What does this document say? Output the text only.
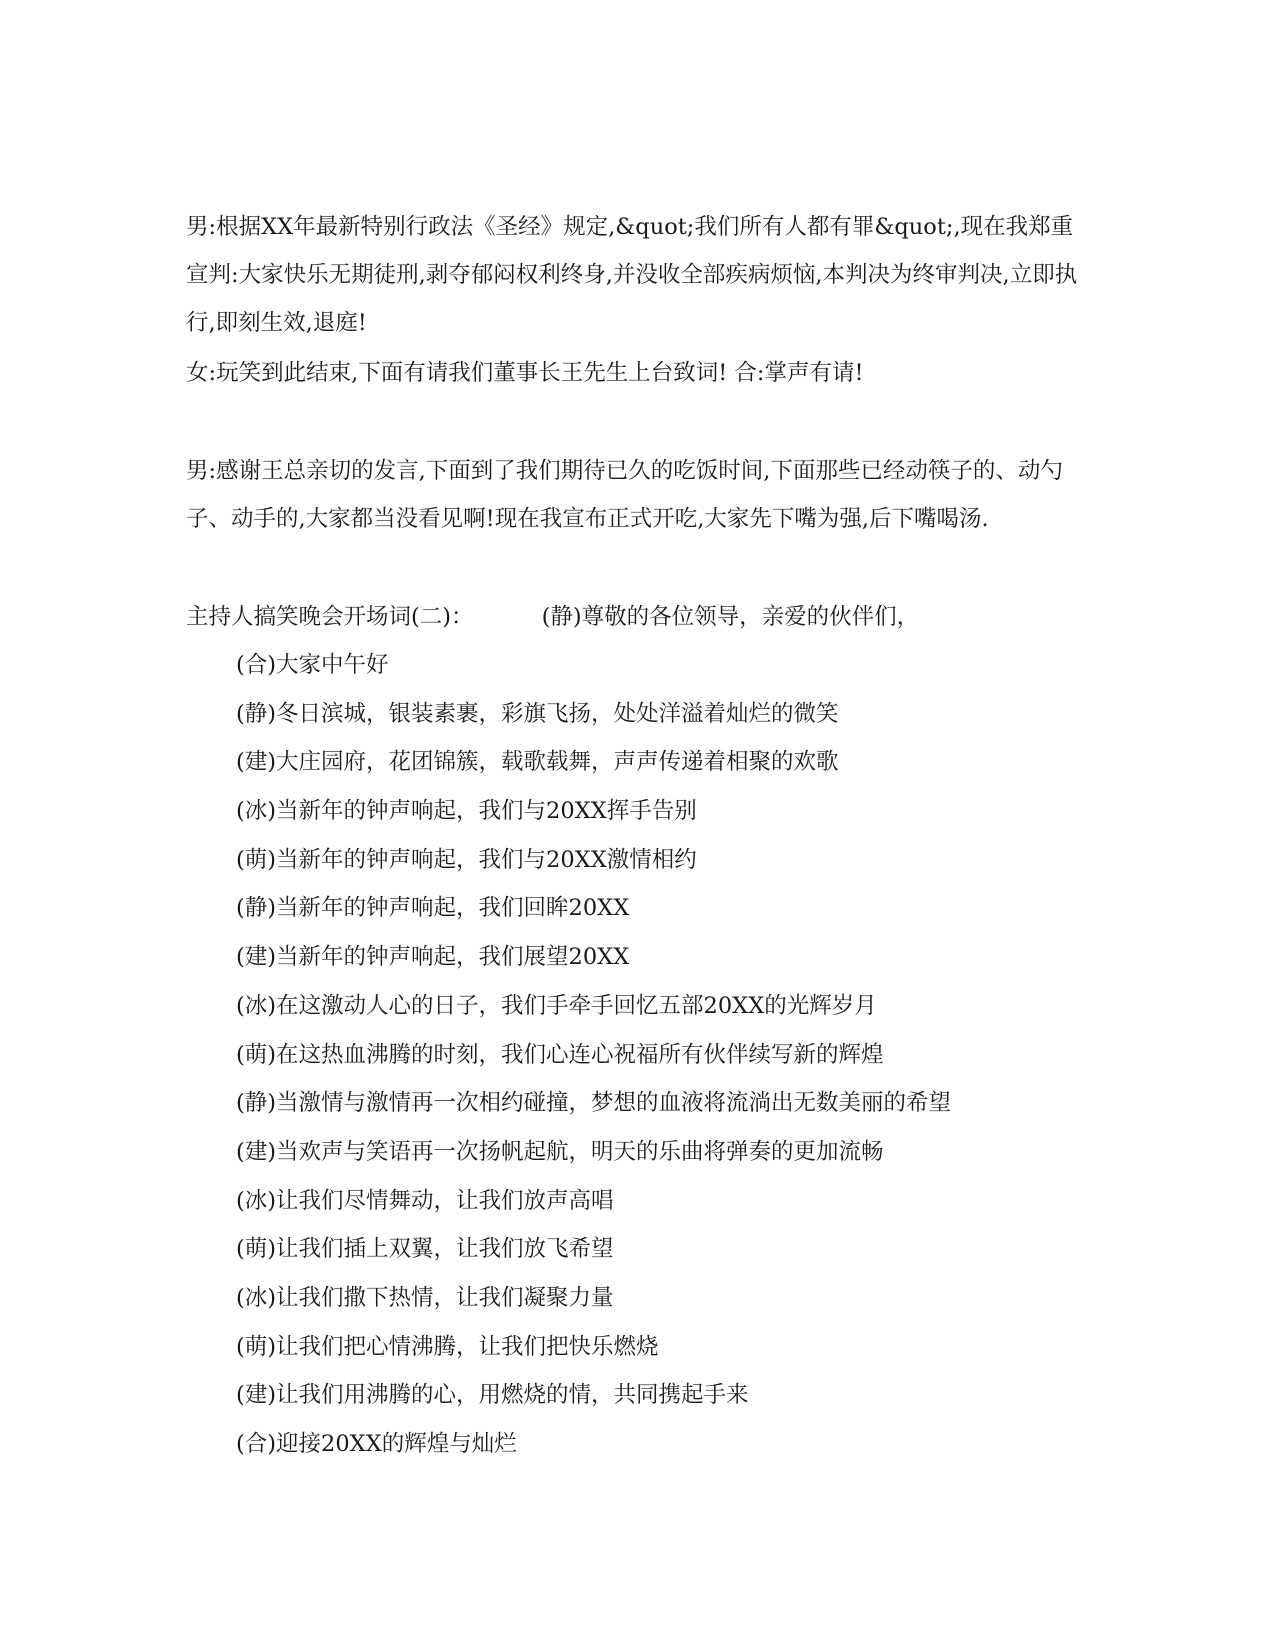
男:根据XX年最新特别行政法《圣经》规定,&quot;我们所有人都有罪&quot;,现在我郑重宣判:大家快乐无期徒刑,剥夺郁闷权利终身,并没收全部疾病烦恼,本判决为终审判决,立即执行,即刻生效,退庭!

女:玩笑到此结束,下面有请我们董事长王先生上台致词! 合:掌声有请!

男:感谢王总亲切的发言,下面到了我们期待已久的吃饭时间,下面那些已经动筷子的、动勺子、动手的,大家都当没看见啊!现在我宣布正式开吃,大家先下嘴为强,后下嘴喝汤.

主持人搞笑晚会开场词(二)：	(静)尊敬的各位领导，亲爱的伙伴们，

(合)大家中午好
(静)冬日滨城，银装素裹，彩旗飞扬，处处洋溢着灿烂的微笑
(建)大庄园府，花团锦簇，载歌载舞，声声传递着相聚的欢歌
(冰)当新年的钟声响起，我们与20XX挥手告别
(萌)当新年的钟声响起，我们与20XX激情相约
(静)当新年的钟声响起，我们回眸20XX
(建)当新年的钟声响起，我们展望20XX
(冰)在这激动人心的日子，我们手牵手回忆五部20XX的光辉岁月
(萌)在这热血沸腾的时刻，我们心连心祝福所有伙伴续写新的辉煌
(静)当激情与激情再一次相约碰撞，梦想的血液将流淌出无数美丽的希望
(建)当欢声与笑语再一次扬帆起航，明天的乐曲将弹奏的更加流畅
(冰)让我们尽情舞动，让我们放声高唱
(萌)让我们插上双翼，让我们放飞希望
(冰)让我们撒下热情，让我们凝聚力量
(萌)让我们把心情沸腾，让我们把快乐燃烧
(建)让我们用沸腾的心，用燃烧的情，共同携起手来
(合)迎接20XX的辉煌与灿烂
